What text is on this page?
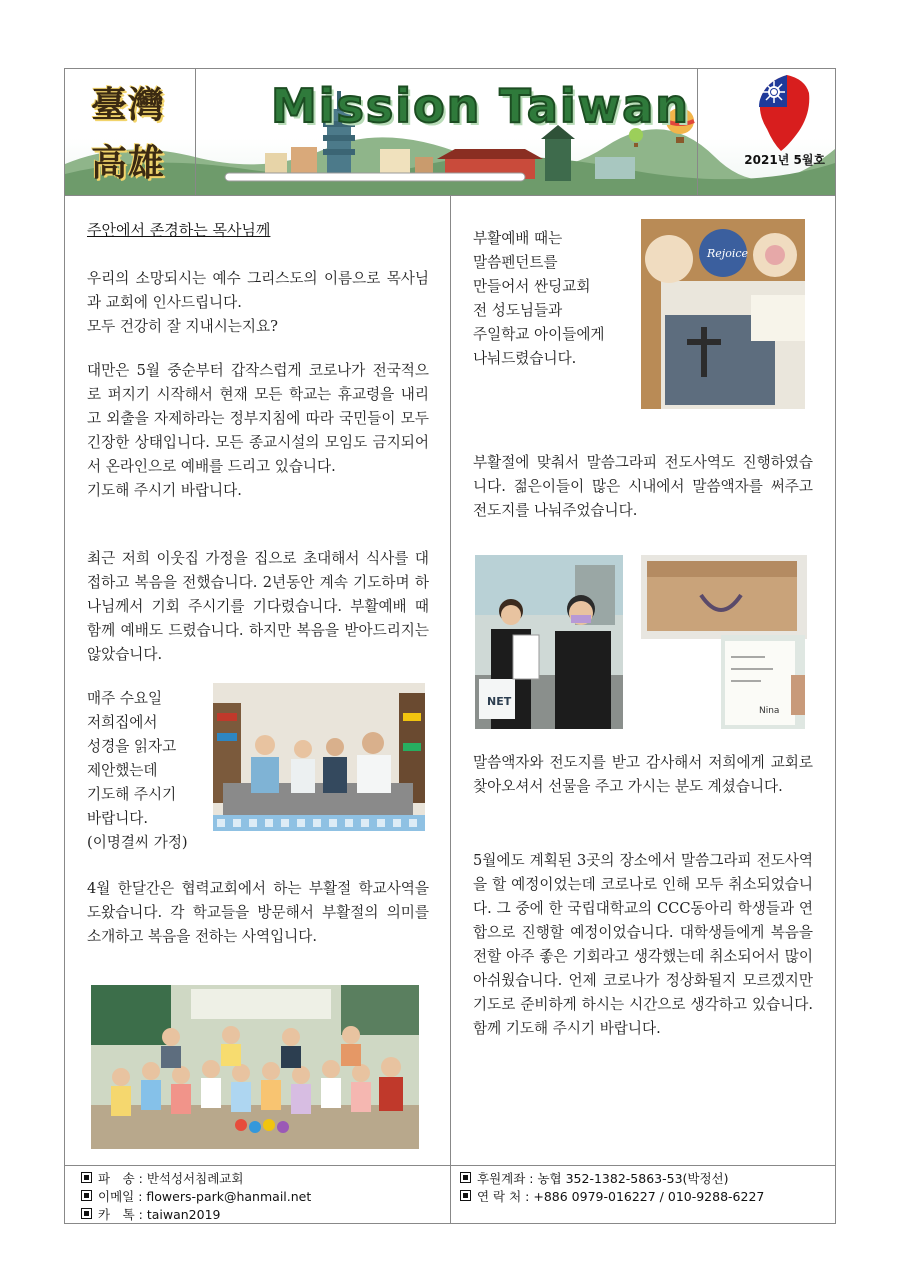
臺灣
高雄
Mission Taiwan
2021년 5월호
주안에서 존경하는 목사님께
우리의 소망되시는 예수 그리스도의 이름으로 목사님과 교회에 인사드립니다.
모두 건강히 잘 지내시는지요?
대만은 5월 중순부터 갑작스럽게 코로나가 전국적으로 퍼지기 시작해서 현재 모든 학교는 휴교령을 내리고 외출을 자제하라는 정부지침에 따라 국민들이 모두 긴장한 상태입니다. 모든 종교시설의 모임도 금지되어서 온라인으로 예배를 드리고 있습니다.
기도해 주시기 바랍니다.
최근 저희 이웃집 가정을 집으로 초대해서 식사를 대접하고 복음을 전했습니다. 2년동안 계속 기도하며 하나님께서 기회 주시기를 기다렸습니다. 부활예배 때 함께 예배도 드렸습니다. 하지만 복음을 받아드리지는 않았습니다.
매주 수요일
저희집에서
성경을 읽자고
제안했는데
기도해 주시기
바랍니다.
(이명결씨 가정)
4월 한달간은 협력교회에서 하는 부활절 학교사역을 도왔습니다. 각 학교들을 방문해서 부활절의 의미를 소개하고 복음을 전하는 사역입니다.
부활예배 때는
말씀펜던트를
만들어서 싼딩교회
전 성도님들과
주일학교 아이들에게
나눠드렸습니다.
Rejoice
부활절에 맞춰서 말씀그라피 전도사역도 진행하였습니다. 젊은이들이 많은 시내에서 말씀액자를 써주고 전도지를 나눠주었습니다.
NET
Nina
말씀액자와 전도지를 받고 감사해서 저희에게 교회로 찾아오셔서 선물을 주고 가시는 분도 계셨습니다.
5월에도 계획된 3곳의 장소에서 말씀그라피 전도사역을 할 예정이었는데 코로나로 인해 모두 취소되었습니다. 그 중에 한 국립대학교의 CCC동아리 학생들과 연합으로 진행할 예정이었습니다. 대학생들에게 복음을 전할 아주 좋은 기회라고 생각했는데 취소되어서 많이 아쉬웠습니다. 언제 코로나가 정상화될지 모르겠지만 기도로 준비하게 하시는 시간으로 생각하고 있습니다. 함께 기도해 주시기 바랍니다.
파　송 : 반석성서침례교회
이메일 : flowers-park@hanmail.net
카　톡 : taiwan2019
후원계좌 : 농협 352-1382-5863-53(박정선)
연 락 처 : +886 0979-016227 / 010-9288-6227
